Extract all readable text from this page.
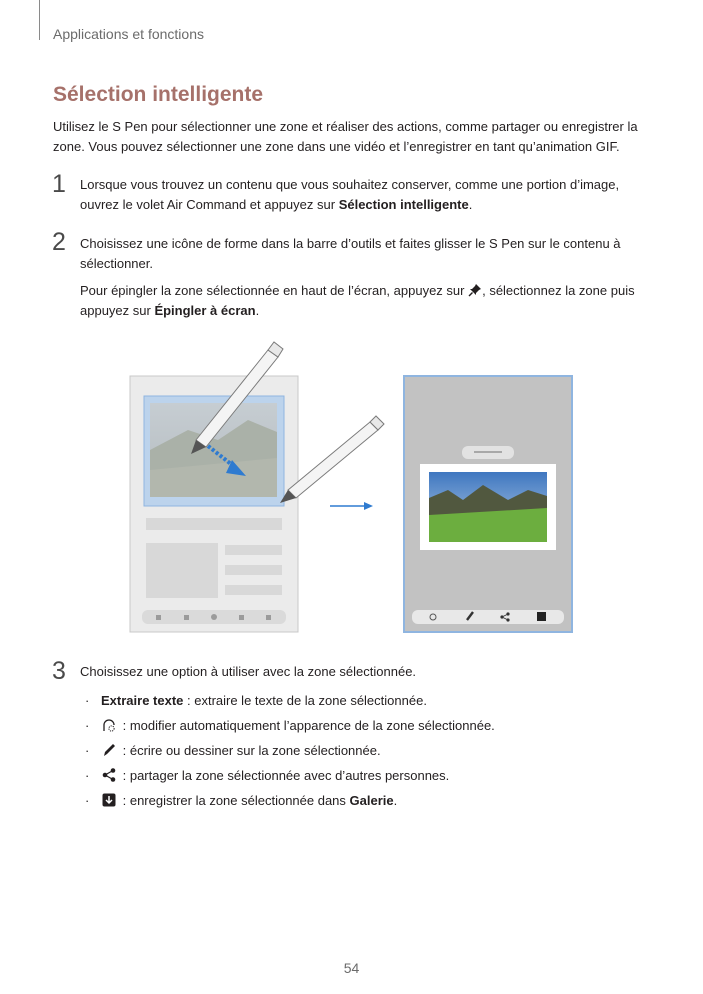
Applications et fonctions
Sélection intelligente

Utilisez le S Pen pour sélectionner une zone et réaliser des actions, comme partager ou enregistrer la zone. Vous pouvez sélectionner une zone dans une vidéo et l’enregistrer en tant qu’animation GIF.

1 Lorsque vous trouvez un contenu que vous souhaitez conserver, comme une portion d’image, ouvrez le volet Air Command et appuyez sur Sélection intelligente.

2 Choisissez une icône de forme dans la barre d’outils et faites glisser le S Pen sur le contenu à sélectionner.

Pour épingler la zone sélectionnée en haut de l’écran, appuyez sur , sélectionnez la zone puis appuyez sur Épingler à écran.

3 Choisissez une option à utiliser avec la zone sélectionnée.

· Extraire texte : extraire le texte de la zone sélectionnée.
· : modifier automatiquement l’apparence de la zone sélectionnée.
· : écrire ou dessiner sur la zone sélectionnée.
· : partager la zone sélectionnée avec d’autres personnes.
· : enregistrer la zone sélectionnée dans Galerie.
54
